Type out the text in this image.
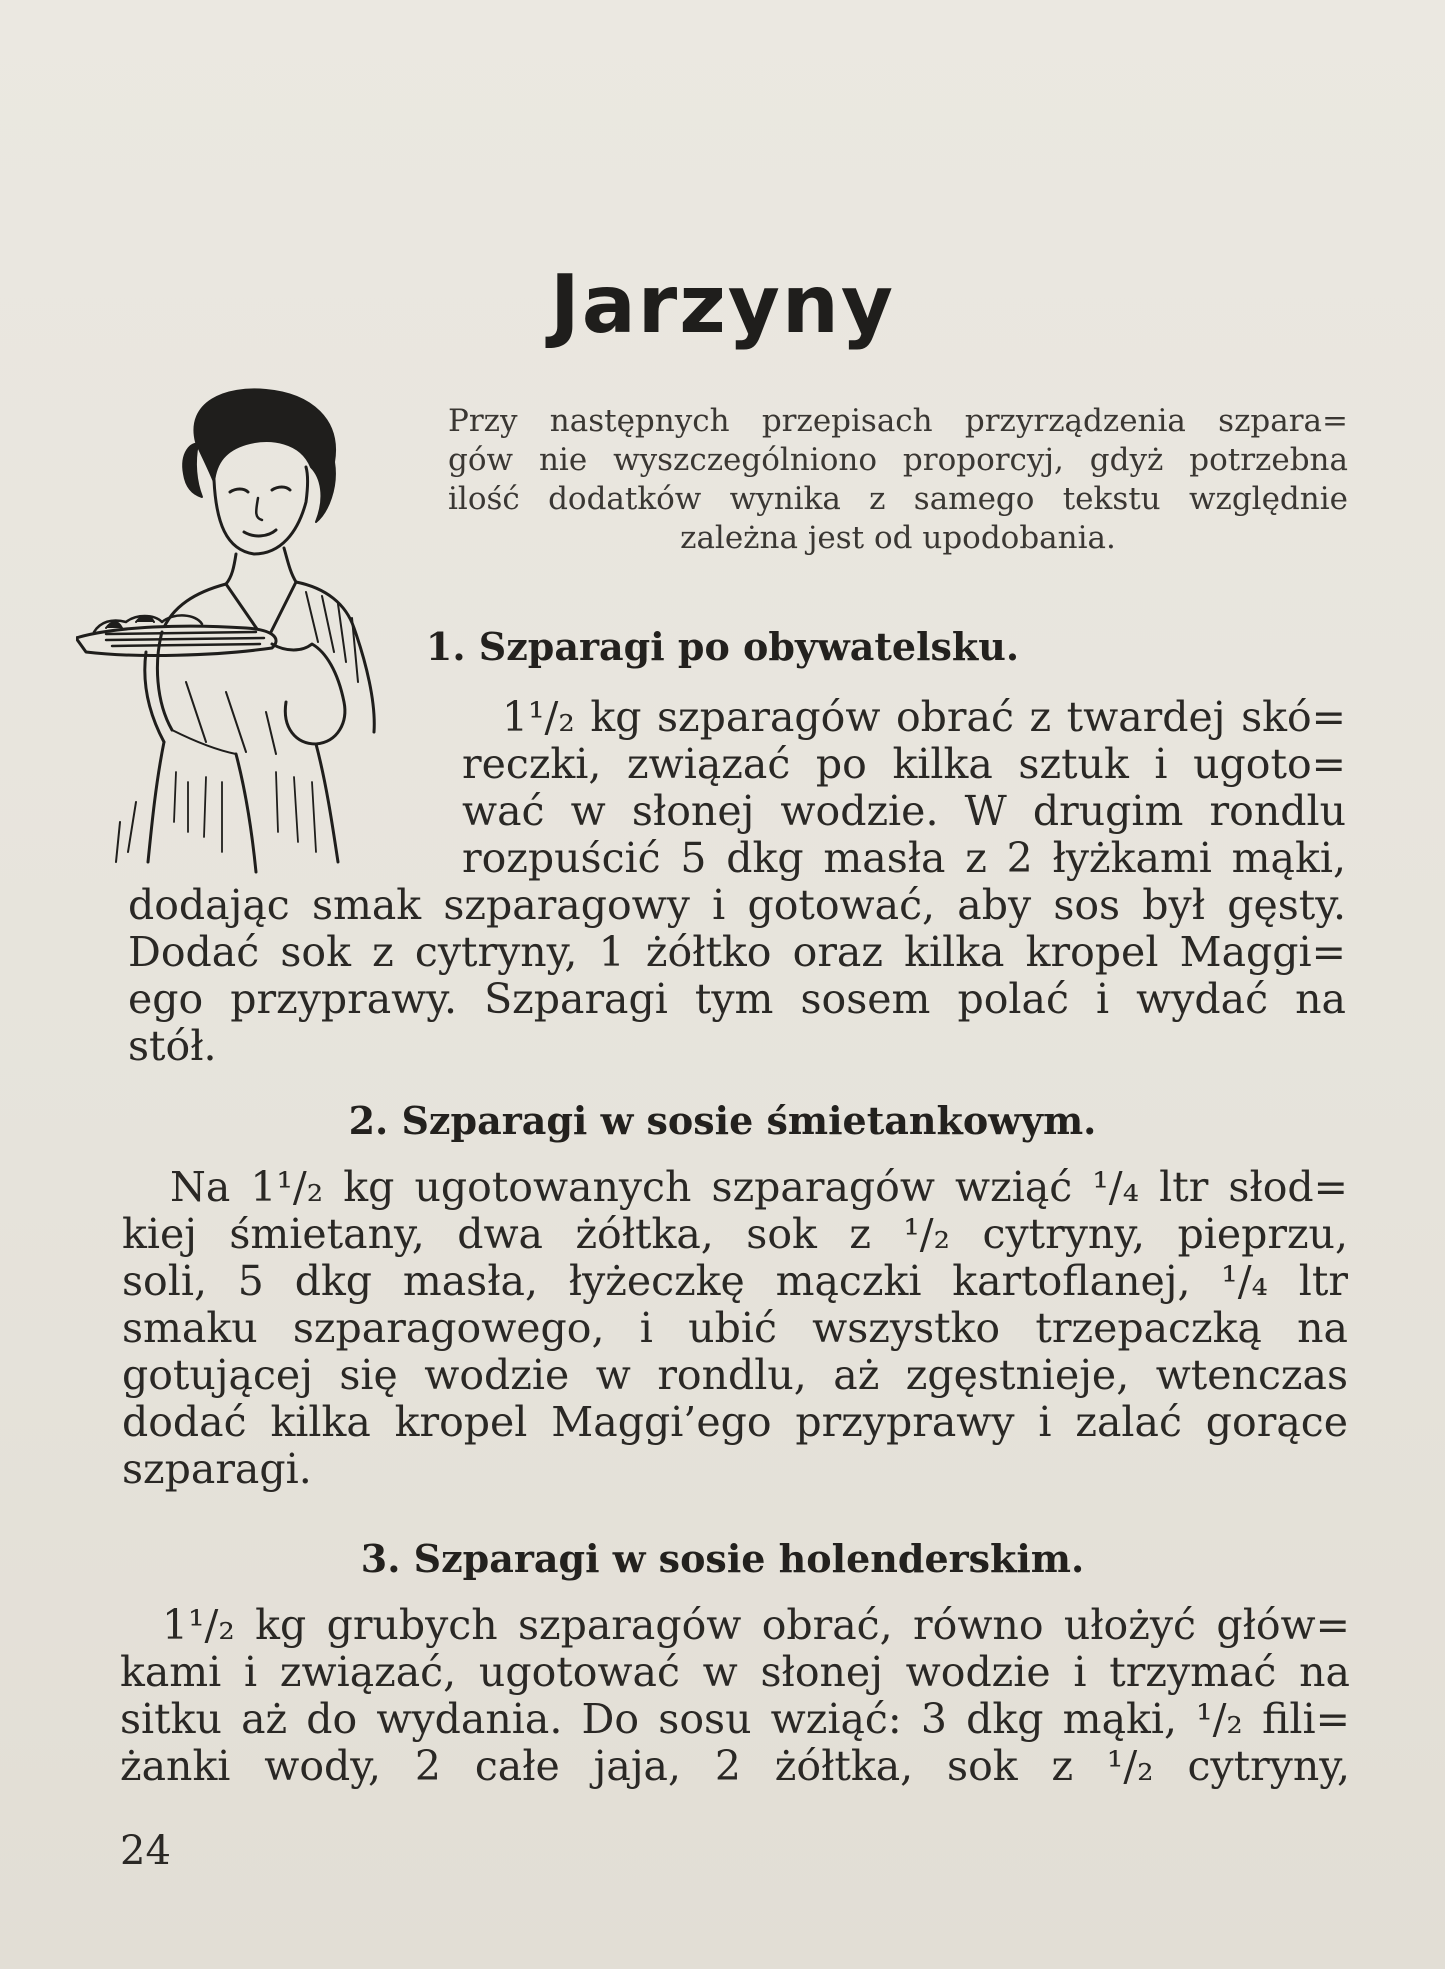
Jarzyny
Przy następnych przepisach przyrządzenia szpara=
gów nie wyszczególniono proporcyj, gdyż potrzebna
ilość dodatków wynika z samego tekstu względnie
zależna jest od upodobania.
1. Szparagi po obywatelsku.
1¹/₂ kg szparagów obrać z twardej skó=
reczki, związać po kilka sztuk i ugoto=
wać w słonej wodzie. W drugim rondlu
rozpuścić 5 dkg masła z 2 łyżkami mąki,
dodając smak szparagowy i gotować, aby sos był gęsty.
Dodać sok z cytryny, 1 żółtko oraz kilka kropel Maggi=
ego przyprawy. Szparagi tym sosem polać i wydać na
stół.
2. Szparagi w sosie śmietankowym.
Na 1¹/₂ kg ugotowanych szparagów wziąć ¹/₄ ltr słod=
kiej śmietany, dwa żółtka, sok z ¹/₂ cytryny, pieprzu,
soli, 5 dkg masła, łyżeczkę mączki kartoflanej, ¹/₄ ltr
smaku szparagowego, i ubić wszystko trzepaczką na
gotującej się wodzie w rondlu, aż zgęstnieje, wtenczas
dodać kilka kropel Maggi’ego przyprawy i zalać gorące
szparagi.
3. Szparagi w sosie holenderskim.
1¹/₂ kg grubych szparagów obrać, równo ułożyć głów=
kami i związać, ugotować w słonej wodzie i trzymać na
sitku aż do wydania. Do sosu wziąć: 3 dkg mąki, ¹/₂ fili=
żanki wody, 2 całe jaja, 2 żółtka, sok z ¹/₂ cytryny,
24
